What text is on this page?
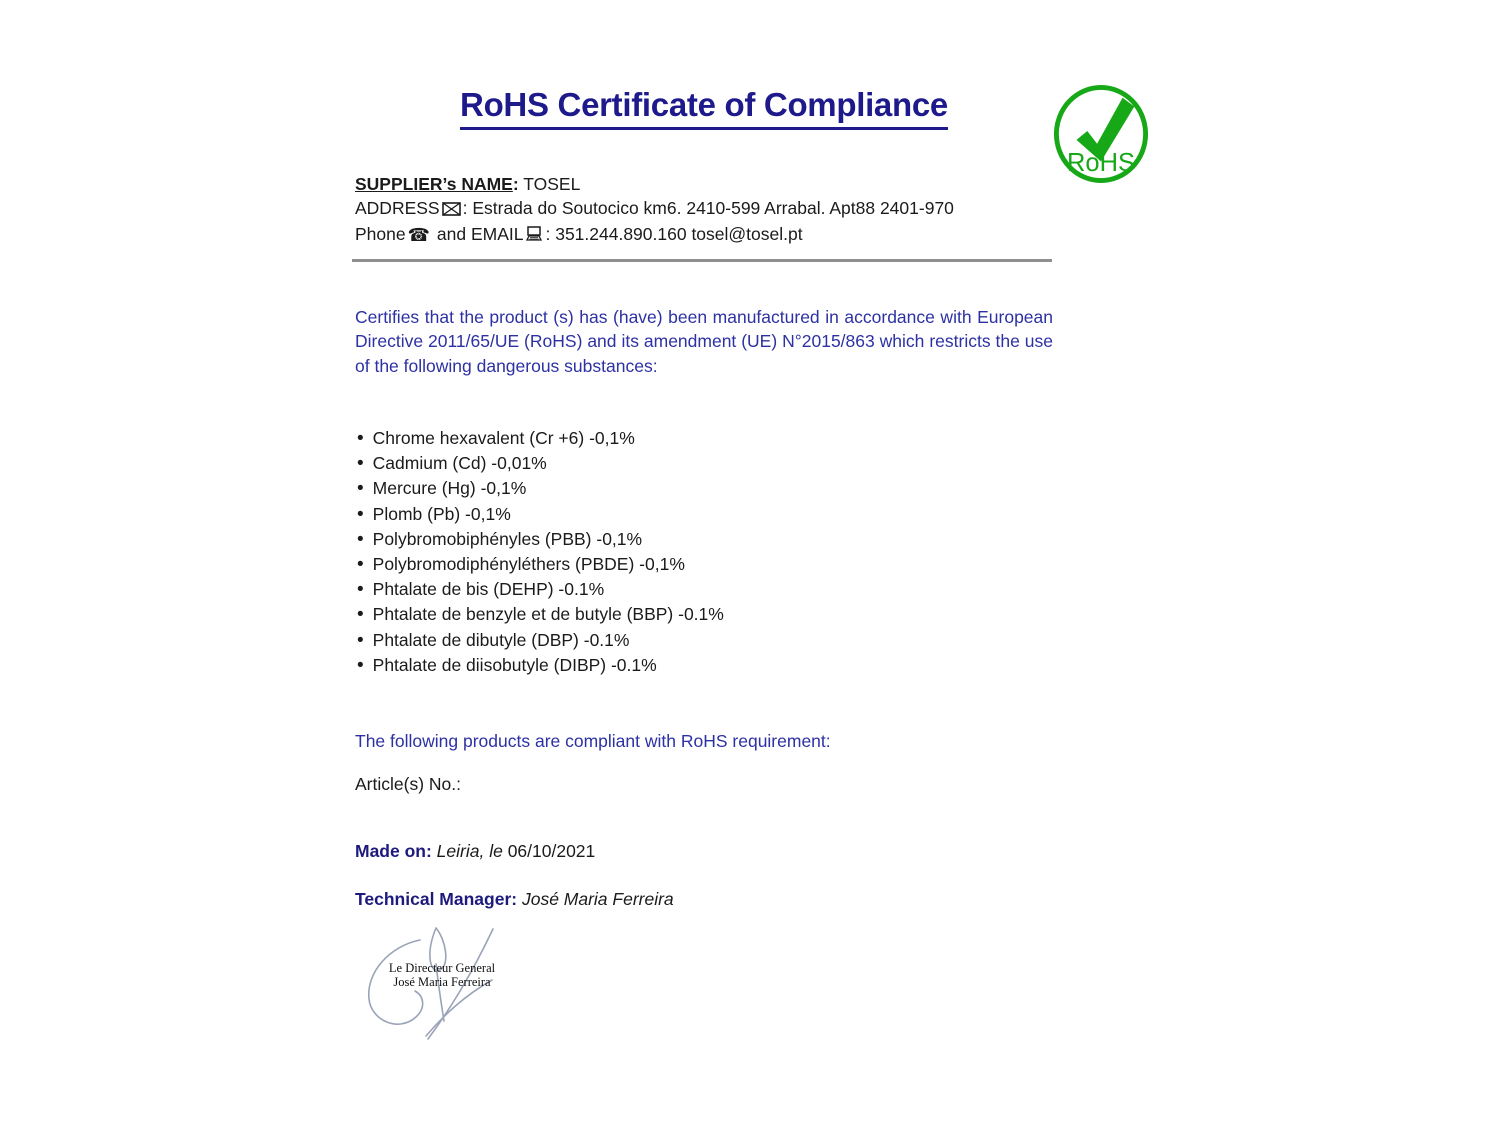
RoHS Certificate of Compliance
RoHS
SUPPLIER’s NAME: TOSEL
ADDRESS : Estrada do Soutocico km6. 2410-599 Arrabal. Apt88 2401-970
Phone ☎ and EMAIL : 351.244.890.160 tosel@tosel.pt

Certifies that the product (s) has (have) been manufactured in accordance with European Directive 2011/65/UE (RoHS) and its amendment (UE) N°2015/863 which restricts the use of the following dangerous substances:

• Chrome hexavalent (Cr +6) -0,1%
• Cadmium (Cd) -0,01%
• Mercure (Hg) -0,1%
• Plomb (Pb) -0,1%
• Polybromobiphényles (PBB) -0,1%
• Polybromodiphényléthers (PBDE) -0,1%
• Phtalate de bis (DEHP) -0.1%
• Phtalate de benzyle et de butyle (BBP) -0.1%
• Phtalate de dibutyle (DBP) -0.1%
• Phtalate de diisobutyle (DIBP) -0.1%
The following products are compliant with RoHS requirement:
Article(s) No.:
Made on: Leiria, le 06/10/2021
Technical Manager: José Maria Ferreira
Le Directeur General
José Maria Ferreira
